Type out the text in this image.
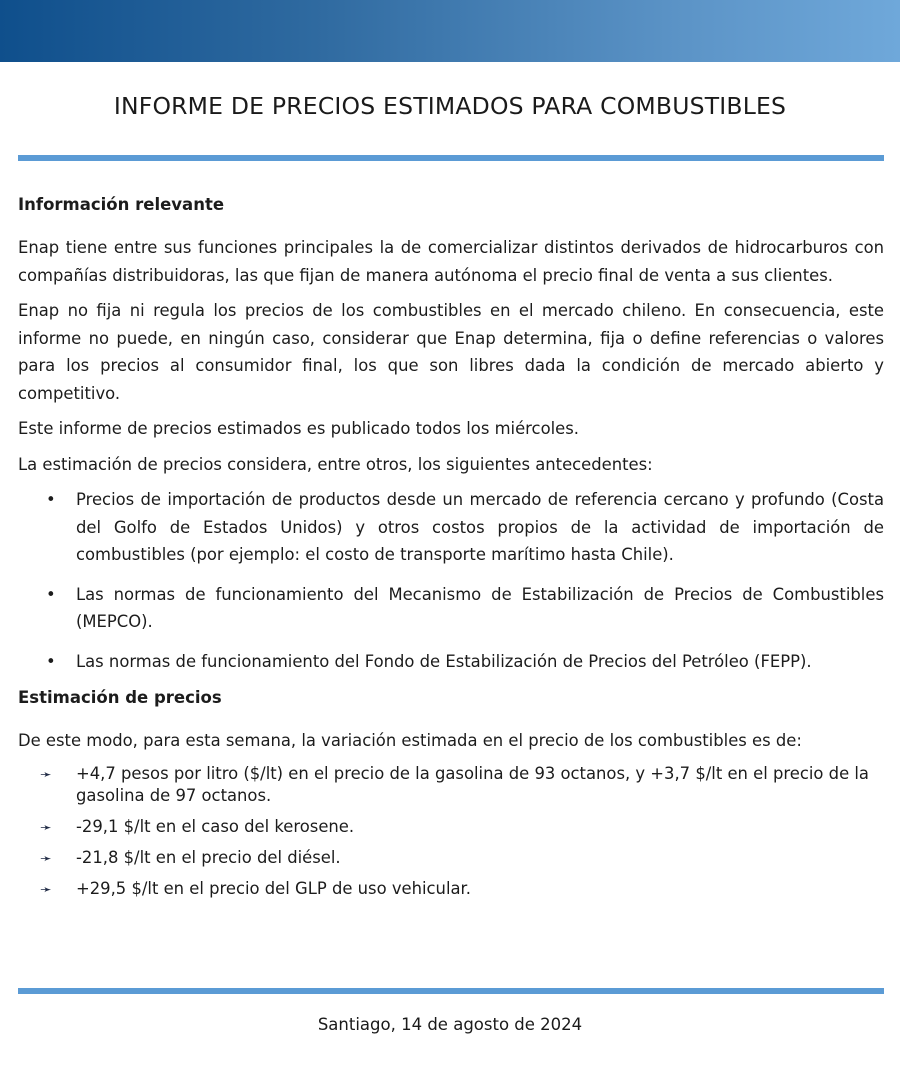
INFORME DE PRECIOS ESTIMADOS PARA COMBUSTIBLES
Información relevante

Enap tiene entre sus funciones principales la de comercializar distintos derivados de hidrocarburos con compañías distribuidoras, las que fijan de manera autónoma el precio final de venta a sus clientes.

Enap no fija ni regula los precios de los combustibles en el mercado chileno. En consecuencia, este informe no puede, en ningún caso, considerar que Enap determina, fija o define referencias o valores para los precios al consumidor final, los que son libres dada la condición de mercado abierto y competitivo.

Este informe de precios estimados es publicado todos los miércoles.

La estimación de precios considera, entre otros, los siguientes antecedentes:

• Precios de importación de productos desde un mercado de referencia cercano y profundo (Costa del Golfo de Estados Unidos) y otros costos propios de la actividad de importación de combustibles (por ejemplo: el costo de transporte marítimo hasta Chile).
• Las normas de funcionamiento del Mecanismo de Estabilización de Precios de Combustibles (MEPCO).
• Las normas de funcionamiento del Fondo de Estabilización de Precios del Petróleo (FEPP).
Estimación de precios

De este modo, para esta semana, la variación estimada en el precio de los combustibles es de:

➛ +4,7 pesos por litro ($/lt) en el precio de la gasolina de 93 octanos, y +3,7 $/lt en el precio de la gasolina de 97 octanos.
➛ -29,1 $/lt en el caso del kerosene.
➛ -21,8 $/lt en el precio del diésel.
➛ +29,5 $/lt en el precio del GLP de uso vehicular.
Santiago, 14 de agosto de 2024
